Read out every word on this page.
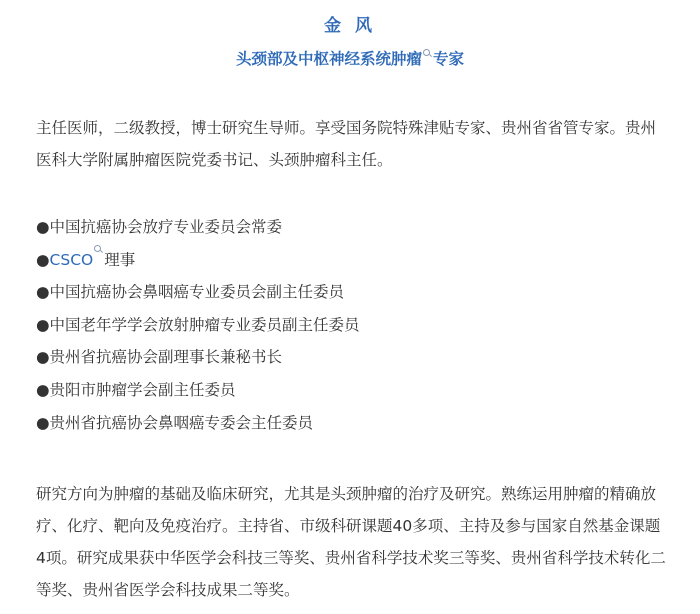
金 风
头颈部及中枢神经系统肿瘤 专家

主任医师，二级教授，博士研究生导师。享受国务院特殊津贴专家、贵州省省管专家。贵州医科大学附属肿瘤医院党委书记、头颈肿瘤科主任。

●中国抗癌协会放疗专业委员会常委
●CSCO 理事
●中国抗癌协会鼻咽癌专业委员会副主任委员
●中国老年学学会放射肿瘤专业委员副主任委员
●贵州省抗癌协会副理事长兼秘书长
●贵阳市肿瘤学会副主任委员
●贵州省抗癌协会鼻咽癌专委会主任委员

研究方向为肿瘤的基础及临床研究，尤其是头颈肿瘤的治疗及研究。熟练运用肿瘤的精确放疗、化疗、靶向及免疫治疗。主持省、市级科研课题40多项、主持及参与国家自然基金课题4项。研究成果获中华医学会科技三等奖、贵州省科学技术奖三等奖、贵州省科学技术转化二等奖、贵州省医学会科技成果二等奖。
